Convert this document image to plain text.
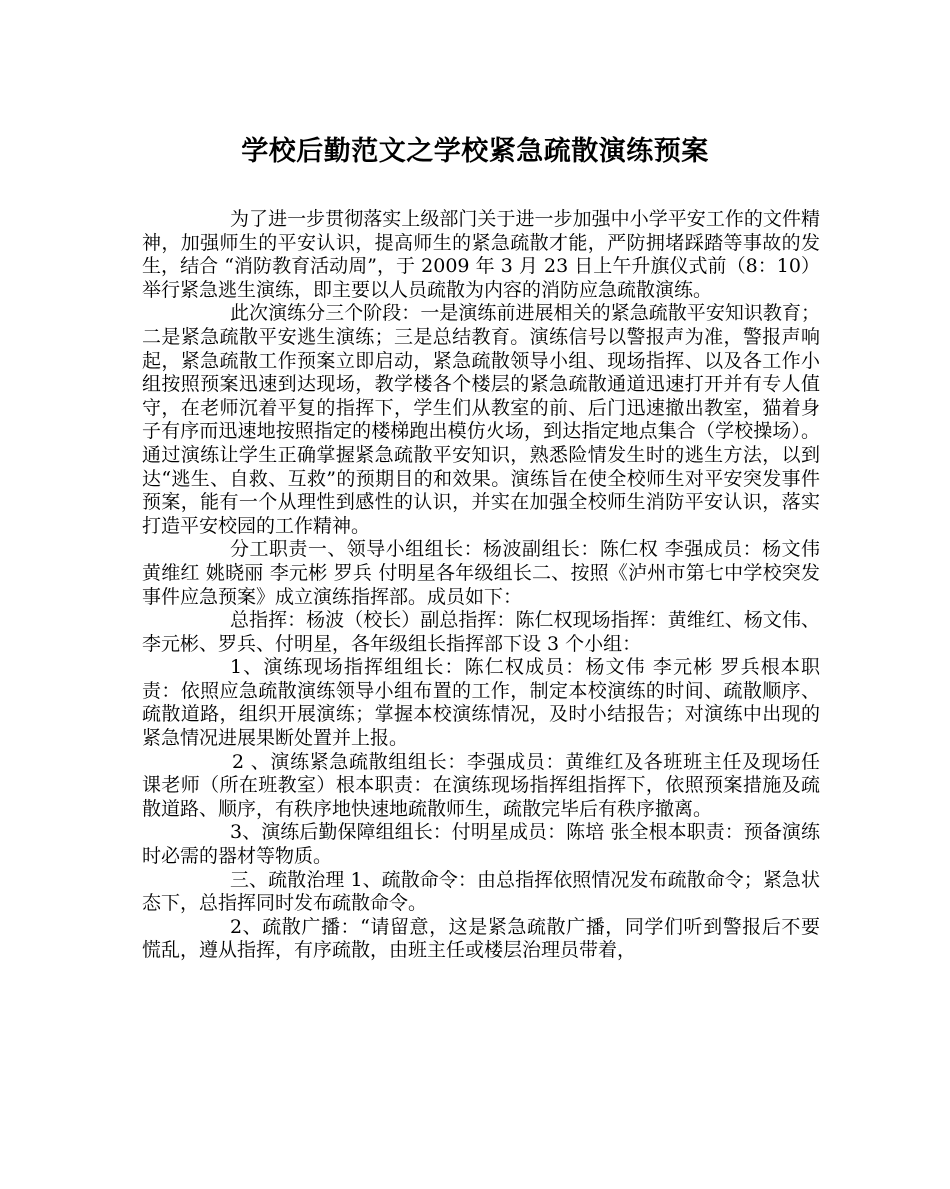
学校后勤范文之学校紧急疏散演练预案

为了进一步贯彻落实上级部门关于进一步加强中小学平安工作的文件精神，加强师生的平安认识，提高师生的紧急疏散才能，严防拥堵踩踏等事故的发生，结合 “消防教育活动周”，于 2009 年 3 月 23 日上午升旗仪式前（8：10）举行紧急逃生演练，即主要以人员疏散为内容的消防应急疏散演练。

此次演练分三个阶段：一是演练前进展相关的紧急疏散平安知识教育；二是紧急疏散平安逃生演练；三是总结教育。演练信号以警报声为准，警报声响起，紧急疏散工作预案立即启动，紧急疏散领导小组、现场指挥、以及各工作小组按照预案迅速到达现场，教学楼各个楼层的紧急疏散通道迅速打开并有专人值守，在老师沉着平复的指挥下，学生们从教室的前、后门迅速撤出教室，猫着身子有序而迅速地按照指定的楼梯跑出模仿火场，到达指定地点集合（学校操场）。通过演练让学生正确掌握紧急疏散平安知识，熟悉险情发生时的逃生方法，以到达“逃生、自救、互救”的预期目的和效果。演练旨在使全校师生对平安突发事件预案，能有一个从理性到感性的认识，并实在加强全校师生消防平安认识，落实打造平安校园的工作精神。

分工职责一、领导小组组长：杨波副组长：陈仁权 李强成员：杨文伟 黄维红 姚晓丽 李元彬 罗兵 付明星各年级组长二、按照《泸州市第七中学校突发事件应急预案》成立演练指挥部。成员如下：

总指挥：杨波（校长）副总指挥：陈仁权现场指挥：黄维红、杨文伟、李元彬、罗兵、付明星，各年级组长指挥部下设 3 个小组：

1、演练现场指挥组组长：陈仁权成员：杨文伟 李元彬 罗兵根本职责：依照应急疏散演练领导小组布置的工作，制定本校演练的时间、疏散顺序、疏散道路，组织开展演练；掌握本校演练情况，及时小结报告；对演练中出现的紧急情况进展果断处置并上报。

2 、演练紧急疏散组组长：李强成员：黄维红及各班班主任及现场任课老师（所在班教室）根本职责：在演练现场指挥组指挥下，依照预案措施及疏散道路、顺序，有秩序地快速地疏散师生，疏散完毕后有秩序撤离。

3、演练后勤保障组组长：付明星成员：陈培 张全根本职责：预备演练时必需的器材等物质。

三、疏散治理 1、疏散命令：由总指挥依照情况发布疏散命令；紧急状态下，总指挥同时发布疏散命令。

2、疏散广播：“请留意，这是紧急疏散广播，同学们听到警报后不要慌乱，遵从指挥，有序疏散，由班主任或楼层治理员带着，
